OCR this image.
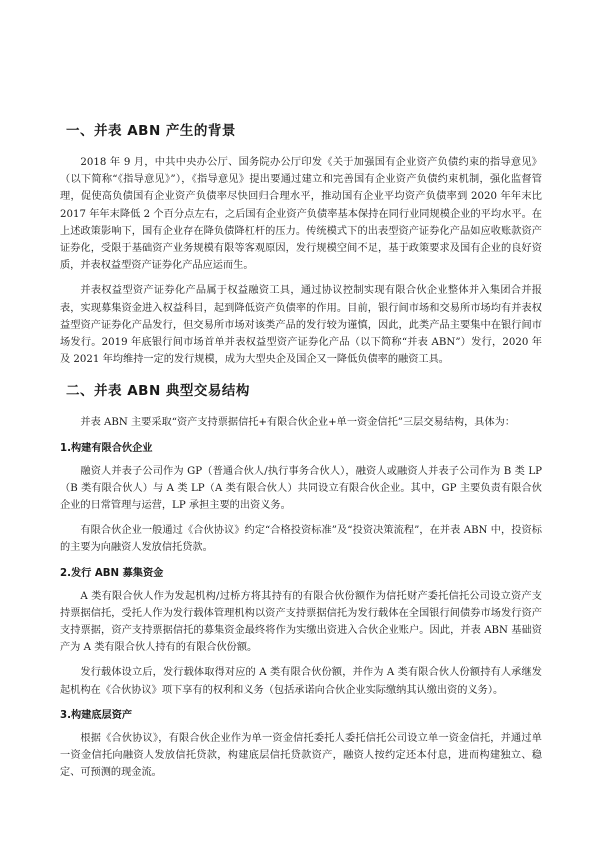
一、并表 ABN 产生的背景

2018 年 9 月，中共中央办公厅、国务院办公厅印发《关于加强国有企业资产负债约束的指导意见》（以下简称“《指导意见》”），《指导意见》提出要通过建立和完善国有企业资产负债约束机制，强化监督管理，促使高负债国有企业资产负债率尽快回归合理水平，推动国有企业平均资产负债率到 2020 年年末比 2017 年年末降低 2 个百分点左右，之后国有企业资产负债率基本保持在同行业同规模企业的平均水平。在上述政策影响下，国有企业存在降负债降杠杆的压力。传统模式下的出表型资产证券化产品如应收账款资产证券化，受限于基础资产业务规模有限等客观原因，发行规模空间不足，基于政策要求及国有企业的良好资质，并表权益型资产证券化产品应运而生。

并表权益型资产证券化产品属于权益融资工具，通过协议控制实现有限合伙企业整体并入集团合并报表，实现募集资金进入权益科目，起到降低资产负债率的作用。目前，银行间市场和交易所市场均有并表权益型资产证券化产品发行，但交易所市场对该类产品的发行较为谨慎，因此，此类产品主要集中在银行间市场发行。2019 年底银行间市场首单并表权益型资产证券化产品（以下简称“并表 ABN”）发行，2020 年及 2021 年均维持一定的发行规模，成为大型央企及国企又一降低负债率的融资工具。

二、并表 ABN 典型交易结构

并表 ABN 主要采取“资产支持票据信托+有限合伙企业+单一资金信托”三层交易结构，具体为：

1.构建有限合伙企业

融资人并表子公司作为 GP（普通合伙人/执行事务合伙人），融资人或融资人并表子公司作为 B 类 LP（B 类有限合伙人）与 A 类 LP（A 类有限合伙人）共同设立有限合伙企业。其中，GP 主要负责有限合伙企业的日常管理与运营，LP 承担主要的出资义务。

有限合伙企业一般通过《合伙协议》约定“合格投资标准”及“投资决策流程”，在并表 ABN 中，投资标的主要为向融资人发放信托贷款。

2.发行 ABN 募集资金

A 类有限合伙人作为发起机构/过桥方将其持有的有限合伙份额作为信托财产委托信托公司设立资产支持票据信托，受托人作为发行载体管理机构以资产支持票据信托为发行载体在全国银行间债券市场发行资产支持票据，资产支持票据信托的募集资金最终将作为实缴出资进入合伙企业账户。因此，并表 ABN 基础资产为 A 类有限合伙人持有的有限合伙份额。

发行载体设立后，发行载体取得对应的 A 类有限合伙份额，并作为 A 类有限合伙人份额持有人承继发起机构在《合伙协议》项下享有的权利和义务（包括承诺向合伙企业实际缴纳其认缴出资的义务）。

3.构建底层资产

根据《合伙协议》，有限合伙企业作为单一资金信托委托人委托信托公司设立单一资金信托，并通过单一资金信托向融资人发放信托贷款，构建底层信托贷款资产，融资人按约定还本付息，进而构建独立、稳定、可预测的现金流。
